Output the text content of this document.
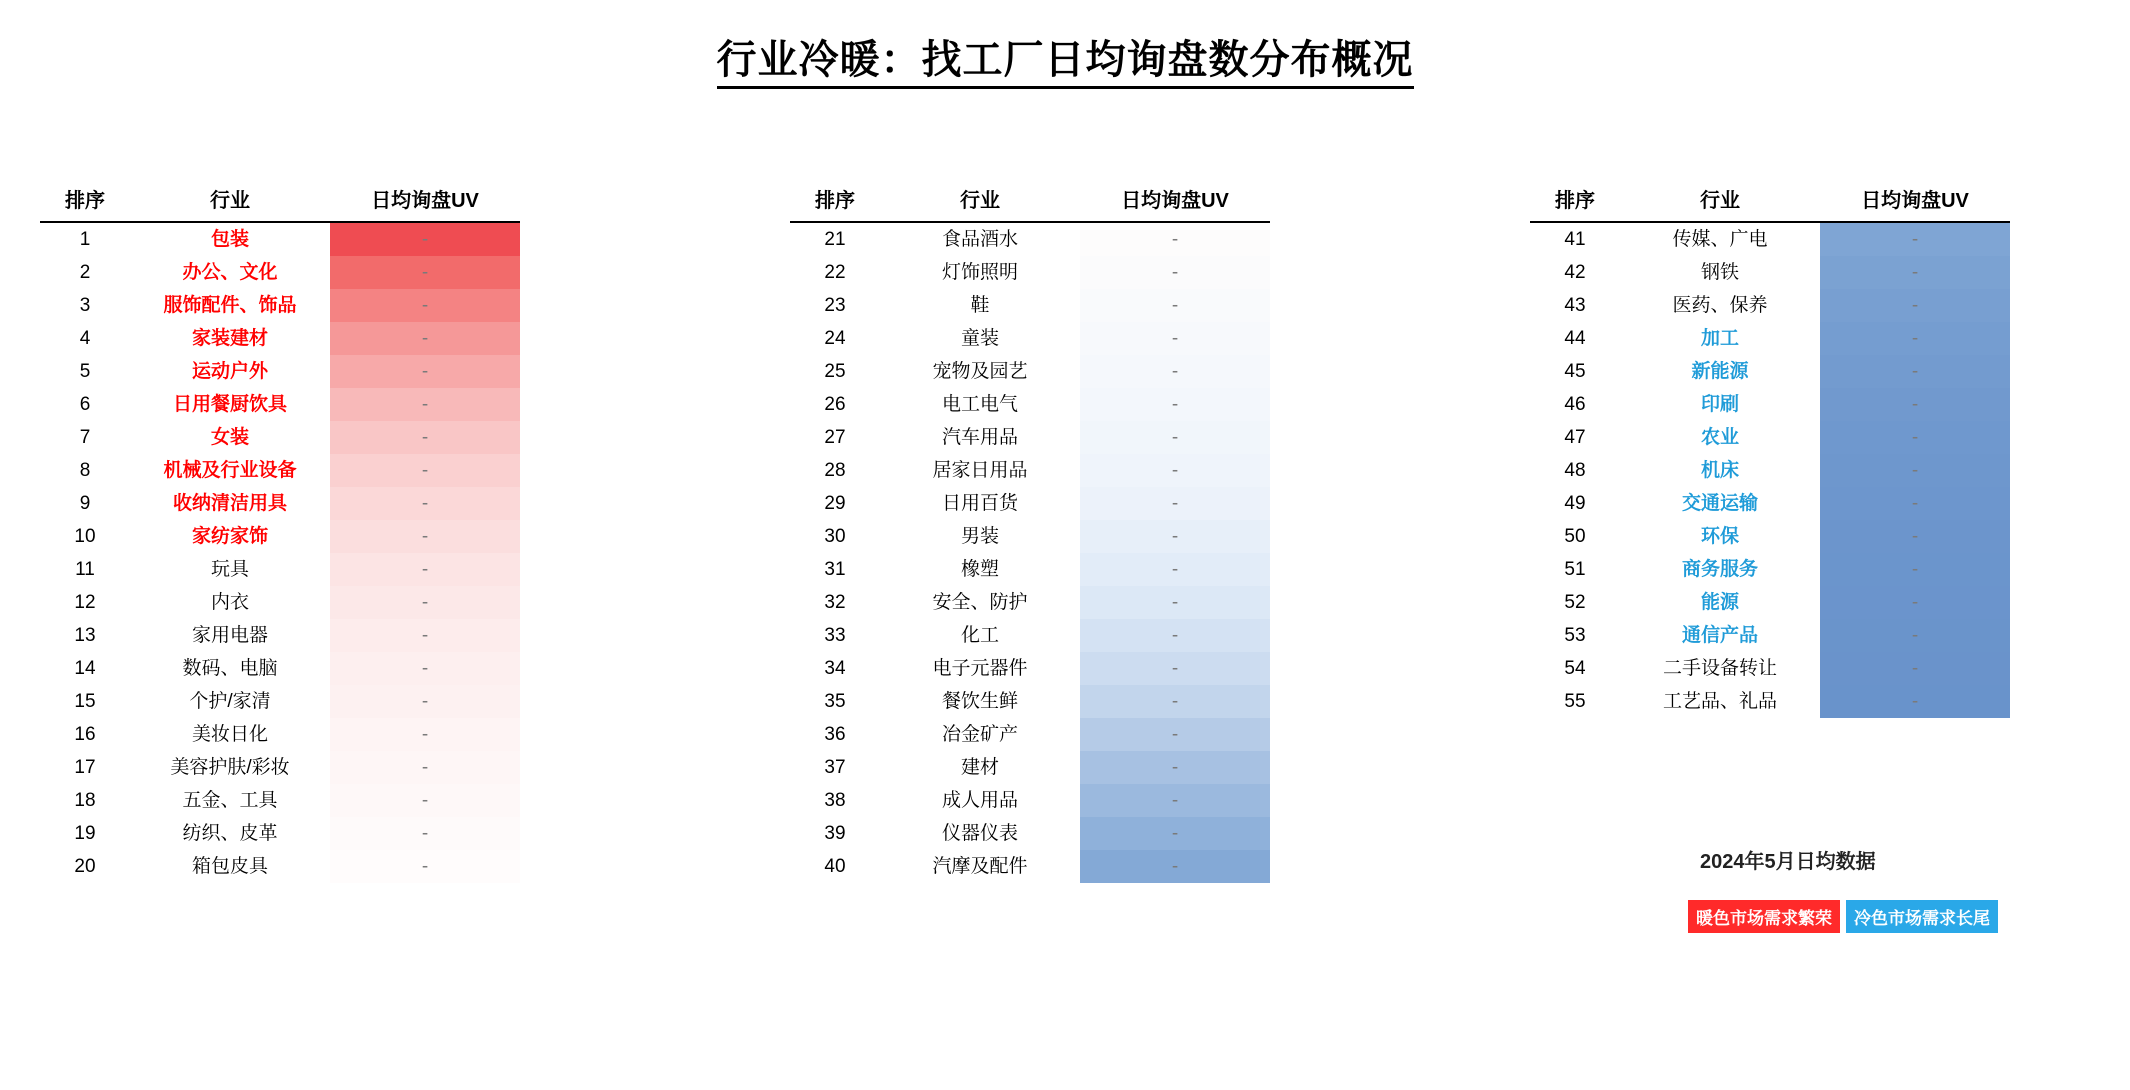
行业冷暖：找工厂日均询盘数分布概况
排序	行业	日均询盘UV
1	包装	-
2	办公、文化	-
3	服饰配件、饰品	-
4	家装建材	-
5	运动户外	-
6	日用餐厨饮具	-
7	女装	-
8	机械及行业设备	-
9	收纳清洁用具	-
10	家纺家饰	-
11	玩具	-
12	内衣	-
13	家用电器	-
14	数码、电脑	-
15	个护/家清	-
16	美妆日化	-
17	美容护肤/彩妆	-
18	五金、工具	-
19	纺织、皮革	-
20	箱包皮具	-
排序	行业	日均询盘UV
21	食品酒水	-
22	灯饰照明	-
23	鞋	-
24	童装	-
25	宠物及园艺	-
26	电工电气	-
27	汽车用品	-
28	居家日用品	-
29	日用百货	-
30	男装	-
31	橡塑	-
32	安全、防护	-
33	化工	-
34	电子元器件	-
35	餐饮生鲜	-
36	冶金矿产	-
37	建材	-
38	成人用品	-
39	仪器仪表	-
40	汽摩及配件	-
排序	行业	日均询盘UV
41	传媒、广电	-
42	钢铁	-
43	医药、保养	-
44	加工	-
45	新能源	-
46	印刷	-
47	农业	-
48	机床	-
49	交通运输	-
50	环保	-
51	商务服务	-
52	能源	-
53	通信产品	-
54	二手设备转让	-
55	工艺品、礼品	-
2024年5月日均数据
暖色市场需求繁荣	冷色市场需求长尾
